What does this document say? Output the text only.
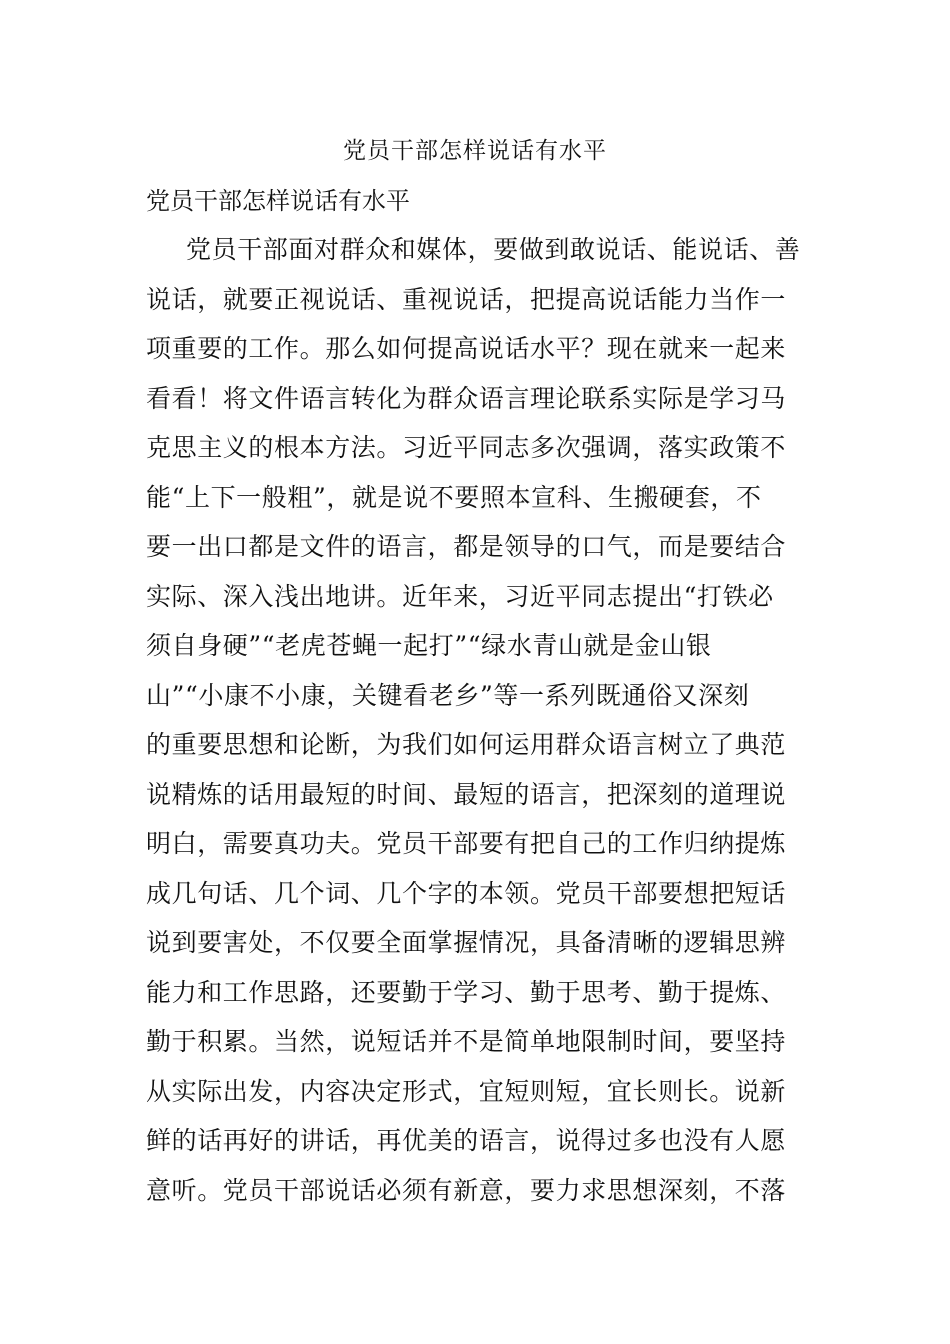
党员干部怎样说话有水平

党员干部怎样说话有水平

党员干部面对群众和媒体，要做到敢说话、能说话、善
说话，就要正视说话、重视说话，把提高说话能力当作一
项重要的工作。那么如何提高说话水平？现在就来一起来
看看！将文件语言转化为群众语言理论联系实际是学习马
克思主义的根本方法。习近平同志多次强调，落实政策不
能“上下一般粗”，就是说不要照本宣科、生搬硬套，不
要一出口都是文件的语言，都是领导的口气，而是要结合
实际、深入浅出地讲。近年来，习近平同志提出“打铁必
须自身硬”“老虎苍蝇一起打”“绿水青山就是金山银
山”“小康不小康，关键看老乡”等一系列既通俗又深刻
的重要思想和论断，为我们如何运用群众语言树立了典范
说精炼的话用最短的时间、最短的语言，把深刻的道理说
明白，需要真功夫。党员干部要有把自己的工作归纳提炼
成几句话、几个词、几个字的本领。党员干部要想把短话
说到要害处，不仅要全面掌握情况，具备清晰的逻辑思辨
能力和工作思路，还要勤于学习、勤于思考、勤于提炼、
勤于积累。当然，说短话并不是简单地限制时间，要坚持
从实际出发，内容决定形式，宜短则短，宜长则长。说新
鲜的话再好的讲话，再优美的语言，说得过多也没有人愿
意听。党员干部说话必须有新意，要力求思想深刻，不落
